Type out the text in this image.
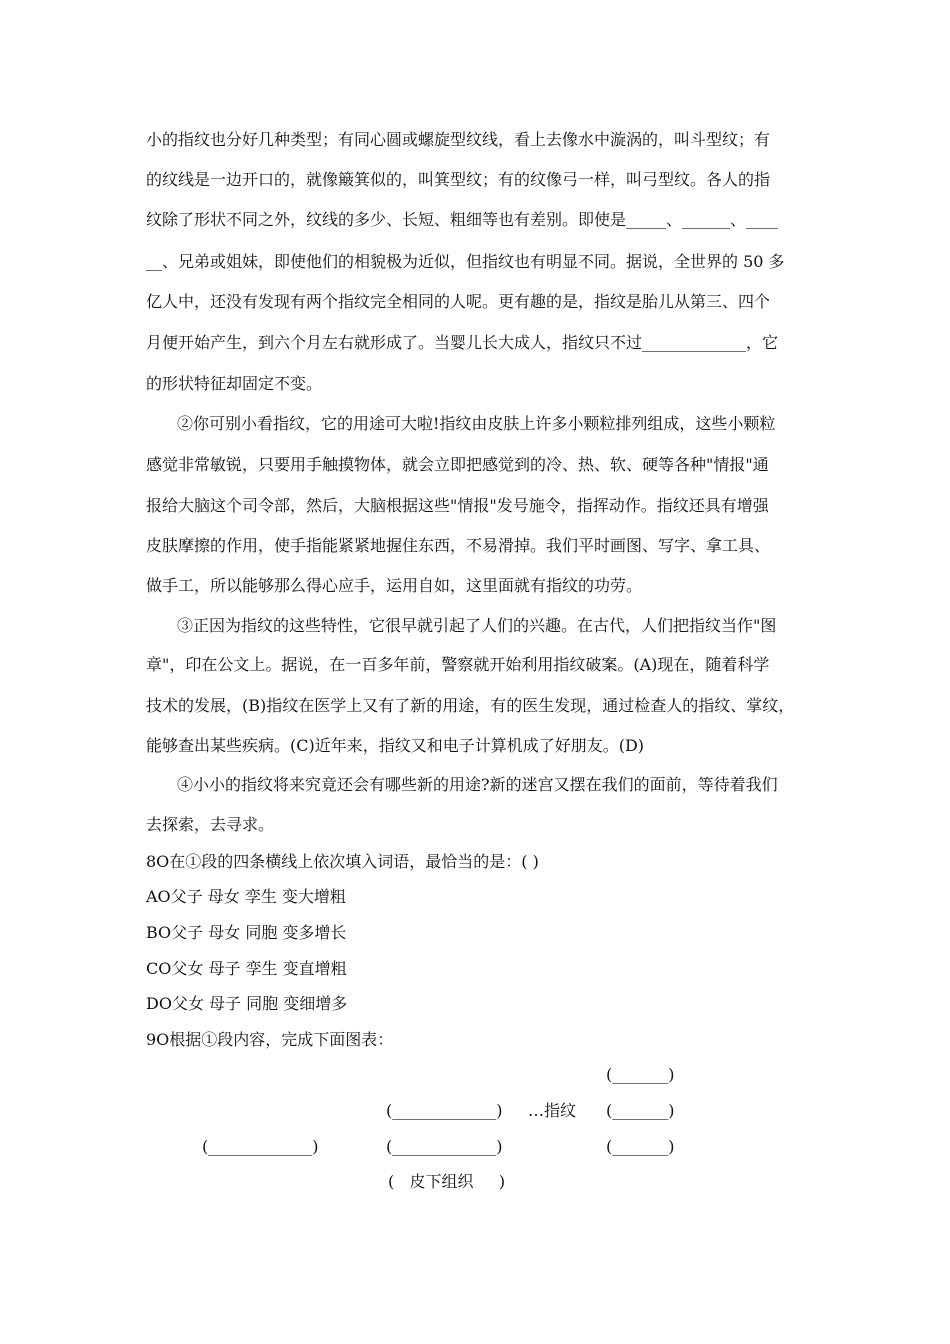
小的指纹也分好几种类型；有同心圆或螺旋型纹线，看上去像水中漩涡的，叫斗型纹；有
的纹线是一边开口的，就像簸箕似的，叫箕型纹；有的纹像弓一样，叫弓型纹。各人的指
纹除了形状不同之外，纹线的多少、长短、粗细等也有差别。即使是_____、______、____
__、兄弟或姐妹，即使他们的相貌极为近似，但指纹也有明显不同。据说，全世界的 50 多
亿人中，还没有发现有两个指纹完全相同的人呢。更有趣的是，指纹是胎儿从第三、四个
月便开始产生，到六个月左右就形成了。当婴儿长大成人，指纹只不过_____________，它
的形状特征却固定不变。
②你可别小看指纹，它的用途可大啦!指纹由皮肤上许多小颗粒排列组成，这些小颗粒
感觉非常敏锐，只要用手触摸物体，就会立即把感觉到的冷、热、软、硬等各种"情报"通
报给大脑这个司令部，然后，大脑根据这些"情报"发号施令，指挥动作。指纹还具有增强
皮肤摩擦的作用，使手指能紧紧地握住东西，不易滑掉。我们平时画图、写字、拿工具、
做手工，所以能够那么得心应手，运用自如，这里面就有指纹的功劳。
③正因为指纹的这些特性，它很早就引起了人们的兴趣。在古代，人们把指纹当作"图
章"，印在公文上。据说，在一百多年前，警察就开始利用指纹破案。(A)现在，随着科学
技术的发展，(B)指纹在医学上又有了新的用途，有的医生发现，通过检查人的指纹、掌纹，
能够查出某些疾病。(C)近年来，指纹又和电子计算机成了好朋友。(D)
④小小的指纹将来究竟还会有哪些新的用途?新的迷宫又摆在我们的面前，等待着我们
去探索，去寻求。
8O在①段的四条横线上依次填入词语，最恰当的是：( )
AO父子 母女 孪生 变大增粗
BO父子 母女 同胞 变多增长
CO父女 母子 孪生 变直增粗
DO父女 母子 同胞 变细增多
9O根据①段内容，完成下面图表：
(_______)
(_____________) …指纹 (_______)
(_____________)	(_____________)	(_______)
(   皮下组织     )
